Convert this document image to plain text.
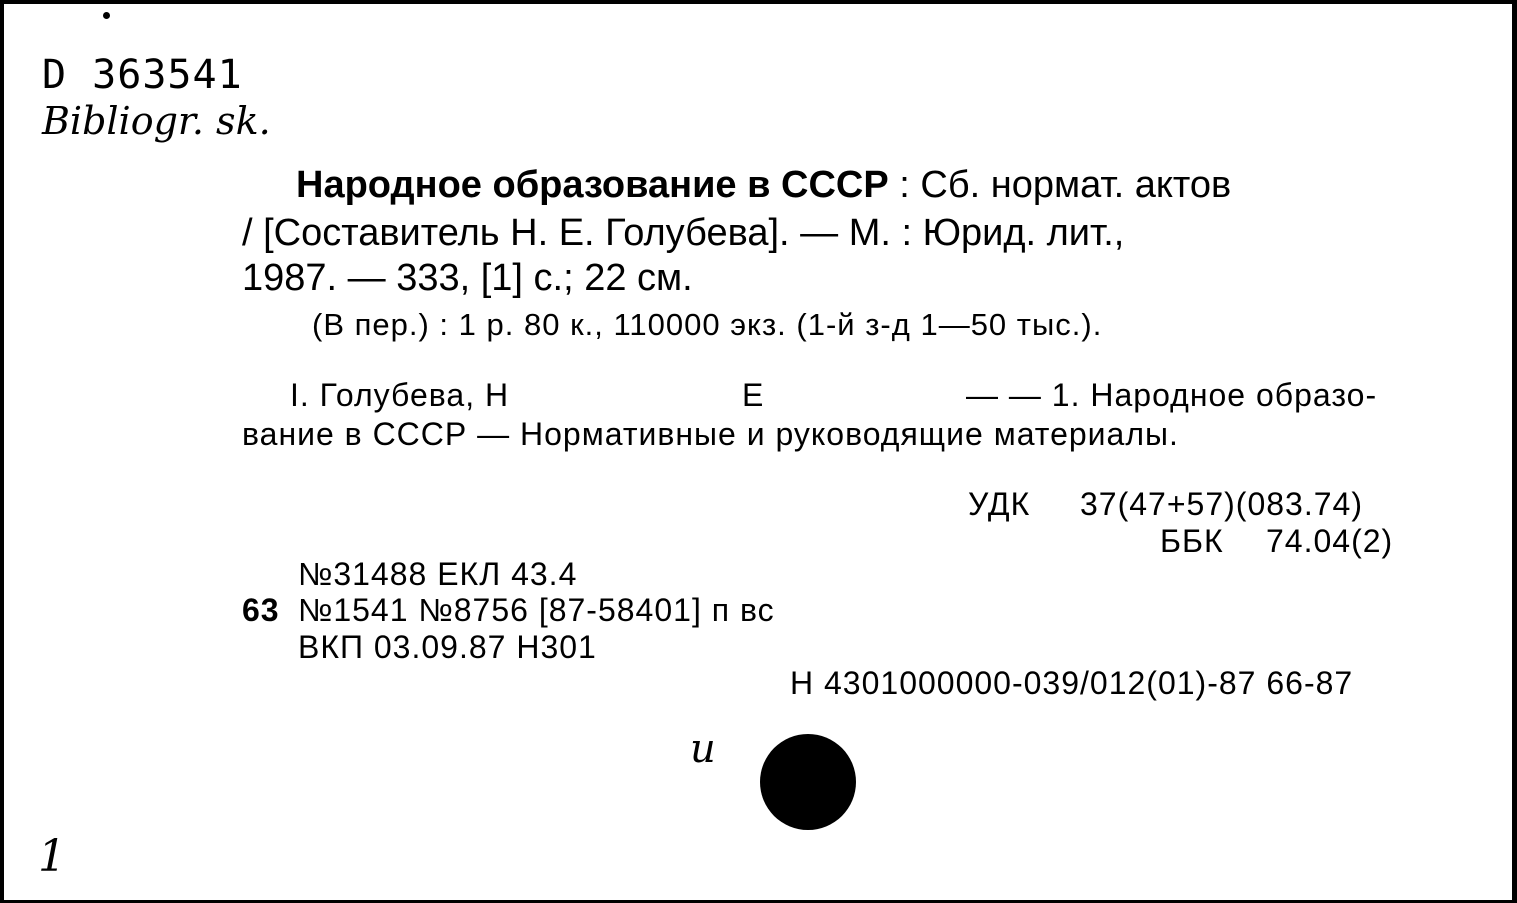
D 363541
Bibliogr. sk.
Народное образование в СССР : Сб. нормат. актов
/ [Составитель Н. Е. Голубева]. — М. : Юрид. лит.,
1987. — 333, [1] с.; 22 см.
(В пер.) : 1 р. 80 к., 110000 экз. (1-й з-д 1—50 тыс.).
I. Голубева, Н	Е	— — 1. Народное образо-
вание в СССР — Нормативные и руководящие материалы.
УДК 37(47+57)(083.74)
ББК 74.04(2)
№31488 ЕКЛ 43.4
63 №1541 №8756 [87-58401] п вс
ВКП 03.09.87 Н301
Н 4301000000-039/012(01)-87 66-87
и
1
